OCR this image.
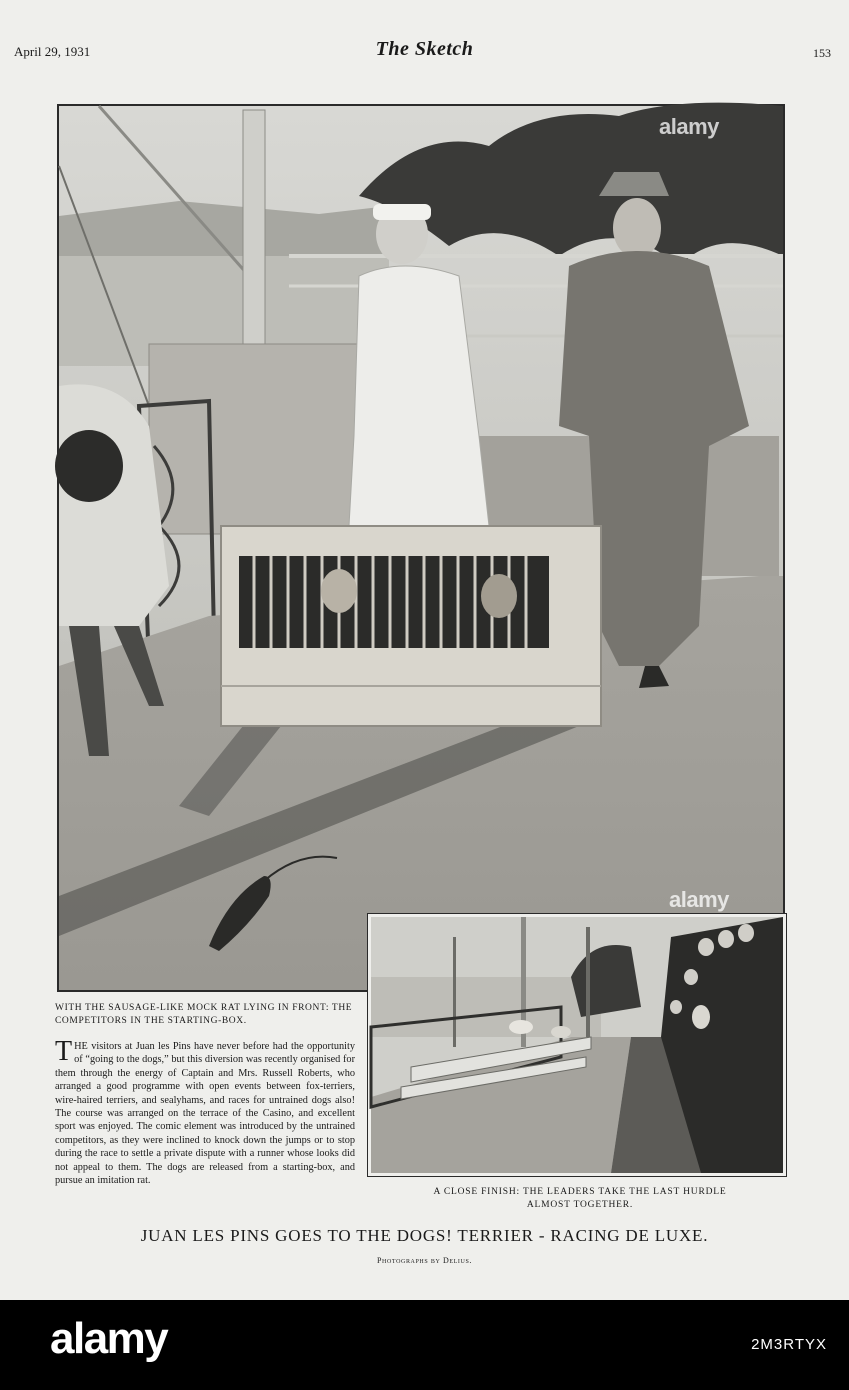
April 29, 1931	The Sketch	153
alamy
alamy
WITH THE SAUSAGE-LIKE MOCK RAT LYING IN FRONT: THE COMPETITORS IN THE STARTING-BOX.
THE visitors at Juan les Pins have never before had the opportunity of “going to the dogs,” but this diversion was recently organised for them through the energy of Captain and Mrs. Russell Roberts, who arranged a good programme with open events between fox-terriers, wire-haired terriers, and sealyhams, and races for untrained dogs also! The course was arranged on the terrace of the Casino, and excellent sport was enjoyed. The comic element was introduced by the untrained competitors, as they were inclined to knock down the jumps or to stop during the race to settle a private dispute with a runner whose looks did not appeal to them. The dogs are released from a starting-box, and pursue an imitation rat.
A CLOSE FINISH: THE LEADERS TAKE THE LAST HURDLE
ALMOST TOGETHER.
JUAN LES PINS GOES TO THE DOGS! TERRIER - RACING DE LUXE.
Photographs by Delius.
alamy	2M3RTYX
